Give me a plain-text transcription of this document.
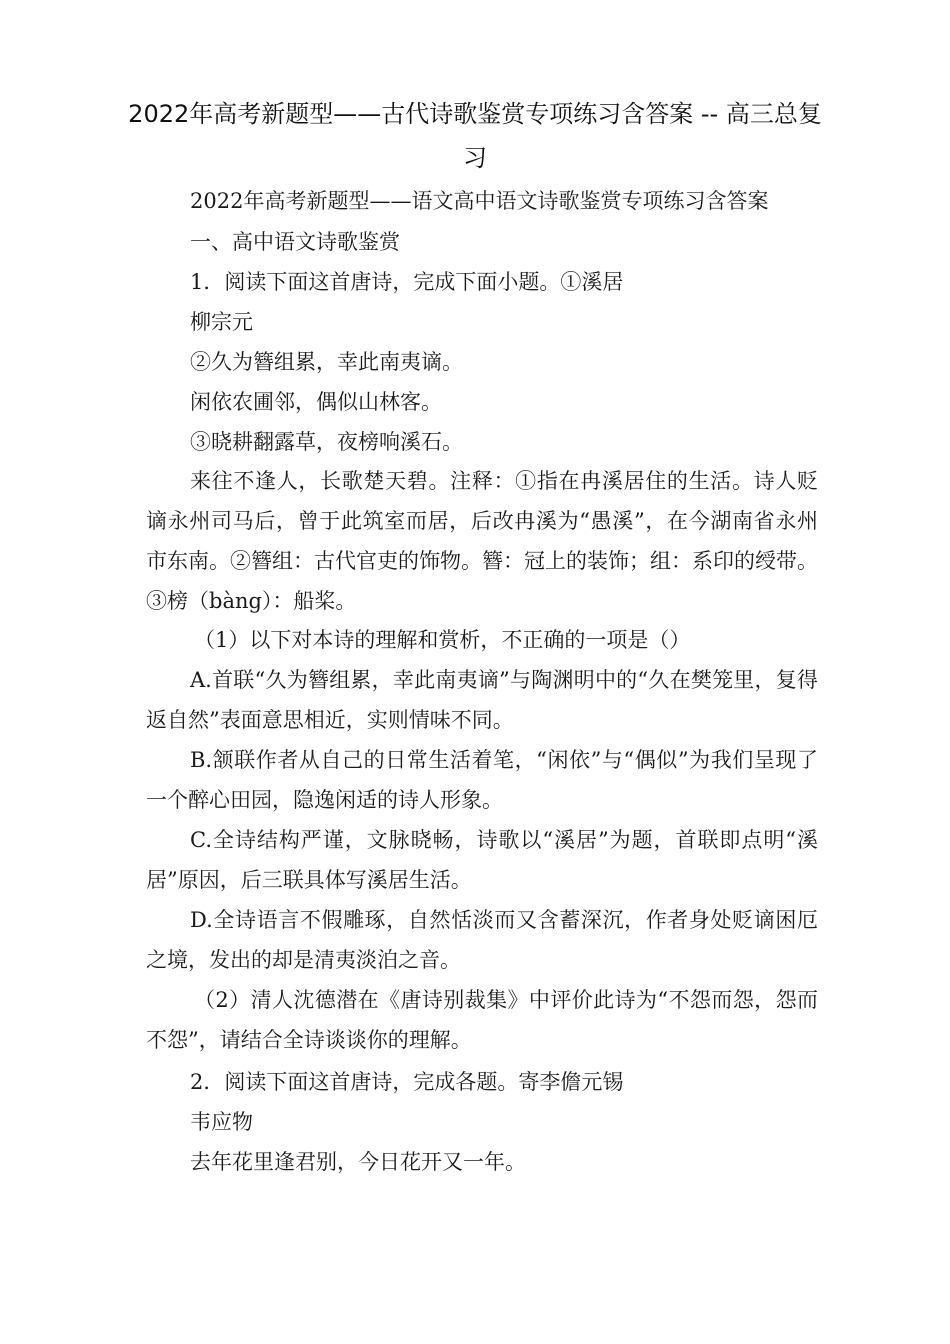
2022年高考新题型——古代诗歌鉴赏专项练习含答案 -- 高三总复习

2022年高考新题型——语文高中语文诗歌鉴赏专项练习含答案

一、高中语文诗歌鉴赏

1．阅读下面这首唐诗，完成下面小题。①溪居

柳宗元

②久为簪组累，幸此南夷谪。

闲依农圃邻，偶似山林客。

③晓耕翻露草，夜榜响溪石。

来往不逢人，长歌楚天碧。注释：①指在冉溪居住的生活。诗人贬谪永州司马后，曾于此筑室而居，后改冉溪为“愚溪”，在今湖南省永州市东南。②簪组：古代官吏的饰物。簪：冠上的装饰；组：系印的绶带。③榜（bàng）：船桨。

（1）以下对本诗的理解和赏析，不正确的一项是（）

A.首联“久为簪组累，幸此南夷谪”与陶渊明中的“久在樊笼里，复得返自然”表面意思相近，实则情味不同。

B.颔联作者从自己的日常生活着笔，“闲依”与“偶似”为我们呈现了一个醉心田园，隐逸闲适的诗人形象。

C.全诗结构严谨，文脉晓畅，诗歌以“溪居”为题，首联即点明“溪居”原因，后三联具体写溪居生活。

D.全诗语言不假雕琢，自然恬淡而又含蓄深沉，作者身处贬谪困厄之境，发出的却是清夷淡泊之音。

（2）清人沈德潜在《唐诗别裁集》中评价此诗为“不怨而怨，怨而不怨”，请结合全诗谈谈你的理解。

2．阅读下面这首唐诗，完成各题。寄李儋元锡

韦应物

去年花里逢君别，今日花开又一年。
